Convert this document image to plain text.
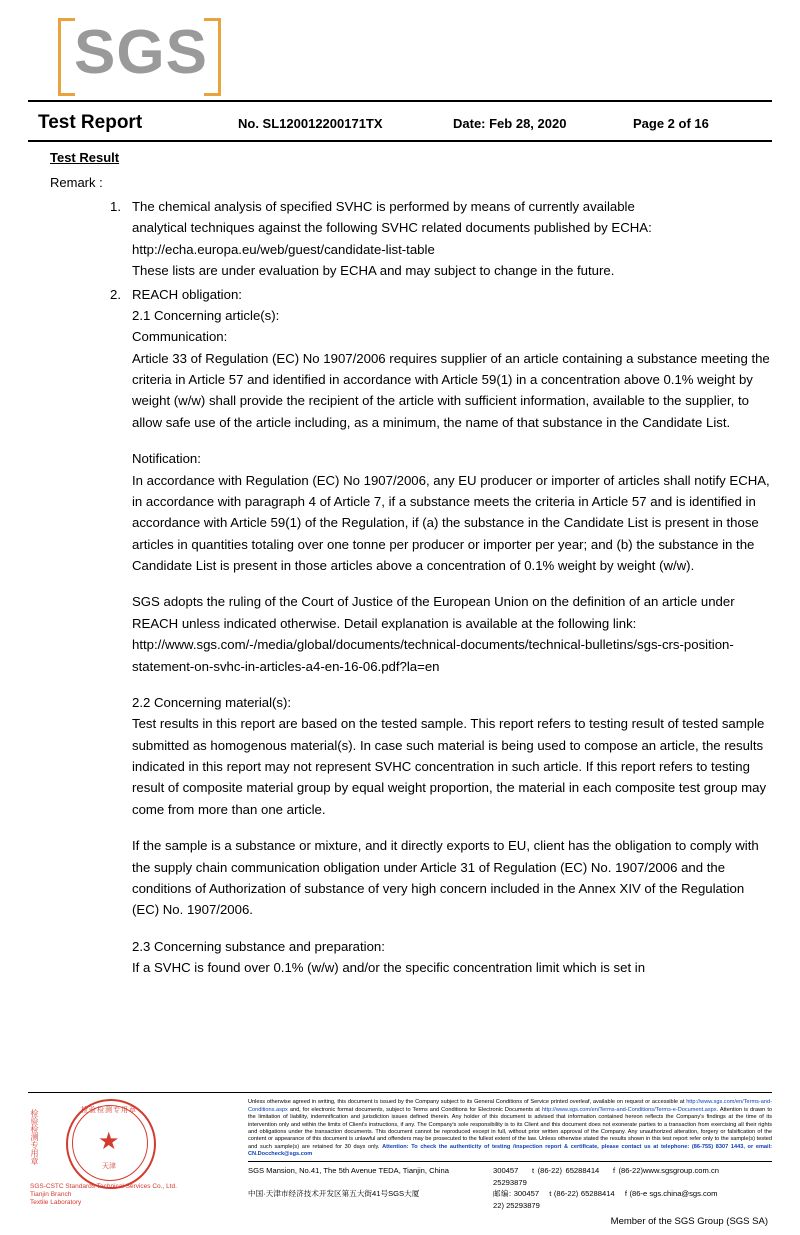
SGS
Test Report	No. SL120012200171TX	Date: Feb 28, 2020	Page 2 of 16
Test Result
Remark :
1. The chemical analysis of specified SVHC is performed by means of currently available
analytical techniques against the following SVHC related documents published by ECHA:
http://echa.europa.eu/web/guest/candidate-list-table
These lists are under evaluation by ECHA and may subject to change in the future.
2. REACH obligation:
2.1 Concerning article(s):
Communication:
Article 33 of Regulation (EC) No 1907/2006 requires supplier of an article containing a substance meeting the criteria in Article 57 and identified in accordance with Article 59(1) in a concentration above 0.1% weight by weight (w/w) shall provide the recipient of the article with sufficient information, available to the supplier, to allow safe use of the article including, as a minimum, the name of that substance in the Candidate List.
Notification:
In accordance with Regulation (EC) No 1907/2006, any EU producer or importer of articles shall notify ECHA, in accordance with paragraph 4 of Article 7, if a substance meets the criteria in Article 57 and is identified in accordance with Article 59(1) of the Regulation, if (a) the substance in the Candidate List is present in those articles in quantities totaling over one tonne per producer or importer per year; and (b) the substance in the Candidate List is present in those articles above a concentration of 0.1% weight by weight (w/w).
SGS adopts the ruling of the Court of Justice of the European Union on the definition of an article under REACH unless indicated otherwise. Detail explanation is available at the following link:
http://www.sgs.com/-/media/global/documents/technical-documents/technical-bulletins/sgs-crs-position-statement-on-svhc-in-articles-a4-en-16-06.pdf?la=en
2.2 Concerning material(s):
Test results in this report are based on the tested sample. This report refers to testing result of tested sample submitted as homogenous material(s). In case such material is being used to compose an article, the results indicated in this report may not represent SVHC concentration in such article. If this report refers to testing result of composite material group by equal weight proportion, the material in each composite test group may come from more than one article.
If the sample is a substance or mixture, and it directly exports to EU, client has the obligation to comply with the supply chain communication obligation under Article 31 of Regulation (EC) No. 1907/2006 and the conditions of Authorization of substance of very high concern included in the Annex XIV of the Regulation (EC) No. 1907/2006.
2.3 Concerning substance and preparation:
If a SVHC is found over 0.1% (w/w) and/or the specific concentration limit which is set in
检验检测专用章	检验检测专用章
★
天津
SGS-CSTC Standards Technical Services Co., Ltd.
Tianjin Branch
Textile Laboratory
Unless otherwise agreed in writing, this document is issued by the Company subject to its General Conditions of Service printed overleaf, available on request or accessible at http://www.sgs.com/en/Terms-and-Conditions.aspx and, for electronic format documents, subject to Terms and Conditions for Electronic Documents at http://www.sgs.com/en/Terms-and-Conditions/Terms-e-Document.aspx. Attention is drawn to the limitation of liability, indemnification and jurisdiction issues defined therein. Any holder of this document is advised that information contained hereon reflects the Company's findings at the time of its intervention only and within the limits of Client's instructions, if any. The Company's sole responsibility is to its Client and this document does not exonerate parties to a transaction from exercising all their rights and obligations under the transaction documents. This document cannot be reproduced except in full, without prior written approval of the Company. Any unauthorized alteration, forgery or falsification of the content or appearance of this document is unlawful and offenders may be prosecuted to the fullest extent of the law. Unless otherwise stated the results shown in this test report refer only to the sample(s) tested and such sample(s) are retained for 30 days only. Attention: To check the authenticity of testing /inspection report & certificate, please contact us at telephone: (86-755) 8307 1443, or email: CN.Doccheck@sgs.com
SGS Mansion, No.41, The 5th Avenue TEDA, Tianjin, China	300457 t (86-22) 65288414 f (86-22) 25293879
www.sgsgroup.com.cn
中国·天津市经济技术开发区第五大街41号SGS大厦	邮编: 300457 t (86-22) 65288414 f (86-22) 25293879
e sgs.china@sgs.com
Member of the SGS Group (SGS SA)
